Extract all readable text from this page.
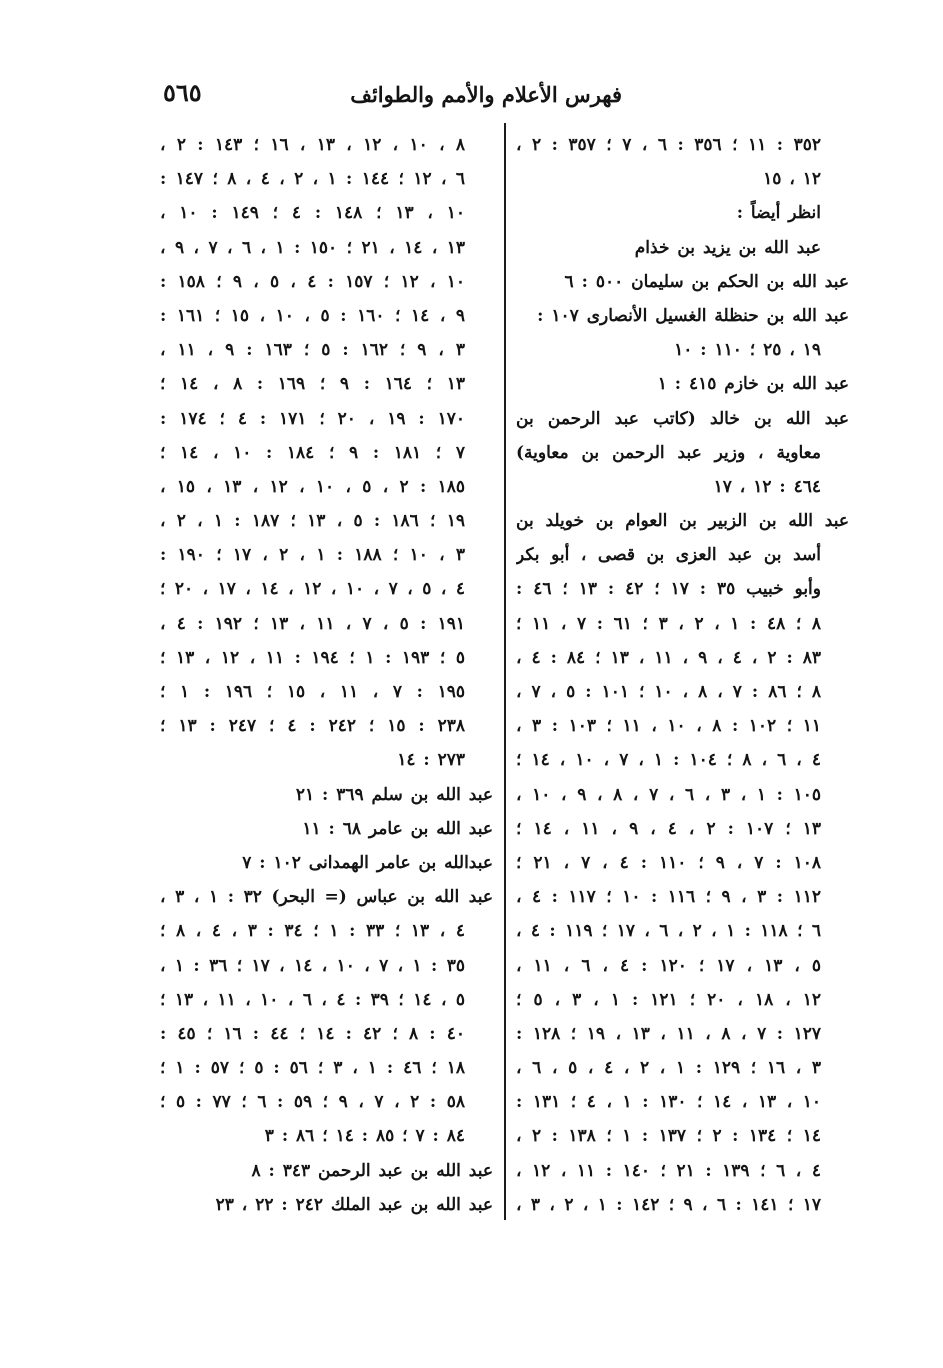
٥٦٥	فهرس الأعلام والأمم والطوائف
٣٥٢ : ١١ ؛ ٣٥٦ : ٦ ، ٧ ؛ ٣٥٧ : ٢ ،
١٢ ، ١٥
انظر أيضاً :
عبد الله بن يزيد بن خذام
عبد الله بن الحكم بن سليمان ٥٠٠ : ٦
عبد الله بن حنظلة الغسيل الأنصارى ١٠٧ :
١٩ ، ٢٥ ؛ ١١٠ : ١٠
عبد الله بن خازم ٤١٥ : ١
عبد الله بن خالد (كاتب عبد الرحمن بن
معاوية ، وزير عبد الرحمن بن معاوية)
٤٦٤ : ١٢ ، ١٧
عبد الله بن الزبير بن العوام بن خويلد بن
أسد بن عبد العزى بن قصى ، أبو بكر
وأبو خبيب ٣٥ : ١٧ ؛ ٤٢ : ١٣ ؛ ٤٦ :
٨ ؛ ٤٨ : ١ ، ٢ ، ٣ ؛ ٦١ : ٧ ، ١١ ؛
٨٣ : ٢ ، ٤ ، ٩ ، ١١ ، ١٣ ؛ ٨٤ : ٤ ،
٨ ؛ ٨٦ : ٧ ، ٨ ، ١٠ ؛ ١٠١ : ٥ ، ٧ ،
١١ ؛ ١٠٢ : ٨ ، ١٠ ، ١١ ؛ ١٠٣ : ٣ ،
٤ ، ٦ ، ٨ ؛ ١٠٤ : ١ ، ٧ ، ١٠ ، ١٤ ؛
١٠٥ : ١ ، ٣ ، ٦ ، ٧ ، ٨ ، ٩ ، ١٠ ،
١٣ ؛ ١٠٧ : ٢ ، ٤ ، ٩ ، ١١ ، ١٤ ؛
١٠٨ : ٧ ، ٩ ؛ ١١٠ : ٤ ، ٧ ، ٢١ ؛
١١٢ : ٣ ، ٩ ؛ ١١٦ : ١٠ ؛ ١١٧ : ٤ ،
٦ ؛ ١١٨ : ١ ، ٢ ، ٦ ، ١٧ ؛ ١١٩ : ٤ ،
٥ ، ١٣ ، ١٧ ؛ ١٢٠ : ٤ ، ٦ ، ١١ ،
١٢ ، ١٨ ، ٢٠ ؛ ١٢١ : ١ ، ٣ ، ٥ ؛
١٢٧ : ٧ ، ٨ ، ١١ ، ١٣ ، ١٩ ؛ ١٢٨ :
٣ ، ١٦ ؛ ١٢٩ : ١ ، ٢ ، ٤ ، ٥ ، ٦ ،
١٠ ، ١٣ ، ١٤ ؛ ١٣٠ : ١ ، ٤ ؛ ١٣١ :
١٤ ؛ ١٣٤ : ٢ ؛ ١٣٧ : ١ ؛ ١٣٨ : ٢ ،
٤ ، ٦ ؛ ١٣٩ : ٢١ ؛ ١٤٠ : ١١ ، ١٢ ،
١٧ ؛ ١٤١ : ٦ ، ٩ ؛ ١٤٢ : ١ ، ٢ ، ٣ ،
٨ ، ١٠ ، ١٢ ، ١٣ ، ١٦ ؛ ١٤٣ : ٢ ،
٦ ، ١٢ ؛ ١٤٤ : ١ ، ٢ ، ٤ ، ٨ ؛ ١٤٧ :
١٠ ، ١٣ ؛ ١٤٨ : ٤ ؛ ١٤٩ : ١٠ ،
١٣ ، ١٤ ، ٢١ ؛ ١٥٠ : ١ ، ٦ ، ٧ ، ٩ ،
١٠ ، ١٢ ؛ ١٥٧ : ٤ ، ٥ ، ٩ ؛ ١٥٨ :
٩ ، ١٤ ؛ ١٦٠ : ٥ ، ١٠ ، ١٥ ؛ ١٦١ :
٣ ، ٩ ؛ ١٦٢ : ٥ ؛ ١٦٣ : ٩ ، ١١ ،
١٣ ؛ ١٦٤ : ٩ ؛ ١٦٩ : ٨ ، ١٤ ؛
١٧٠ : ١٩ ، ٢٠ ؛ ١٧١ : ٤ ؛ ١٧٤ :
٧ ؛ ١٨١ : ٩ ؛ ١٨٤ : ١٠ ، ١٤ ؛
١٨٥ : ٢ ، ٥ ، ١٠ ، ١٢ ، ١٣ ، ١٥ ،
١٩ ؛ ١٨٦ : ٥ ، ١٣ ؛ ١٨٧ : ١ ، ٢ ،
٣ ، ١٠ ؛ ١٨٨ : ١ ، ٢ ، ١٧ ؛ ١٩٠ :
٤ ، ٥ ، ٧ ، ١٠ ، ١٢ ، ١٤ ، ١٧ ، ٢٠ ؛
١٩١ : ٥ ، ٧ ، ١١ ، ١٣ ؛ ١٩٢ : ٤ ،
٥ ؛ ١٩٣ : ١ ؛ ١٩٤ : ١١ ، ١٢ ، ١٣ ؛
١٩٥ : ٧ ، ١١ ، ١٥ ؛ ١٩٦ : ١ ؛
٢٣٨ : ١٥ ؛ ٢٤٢ : ٤ ؛ ٢٤٧ : ١٣ ؛
٢٧٣ : ١٤
عبد الله بن سلم ٣٦٩ : ٢١
عبد الله بن عامر ٦٨ : ١١
عبدالله بن عامر الهمدانى ١٠٢ : ٧
عبد الله بن عباس (= البحر) ٣٢ : ١ ، ٣ ،
٤ ، ١٣ ؛ ٣٣ : ١ ؛ ٣٤ : ٣ ، ٤ ، ٨ ؛
٣٥ : ١ ، ٧ ، ١٠ ، ١٤ ، ١٧ ؛ ٣٦ : ١ ،
٥ ، ١٤ ؛ ٣٩ : ٤ ، ٦ ، ١٠ ، ١١ ، ١٣ ؛
٤٠ : ٨ ؛ ٤٢ : ١٤ ؛ ٤٤ : ١٦ ؛ ٤٥ :
١٨ ؛ ٤٦ : ١ ، ٣ ؛ ٥٦ : ٥ ؛ ٥٧ : ١ ؛
٥٨ : ٢ ، ٧ ، ٩ ؛ ٥٩ : ٦ ؛ ٧٧ : ٥ ؛
٨٤ : ٧ ؛ ٨٥ : ١٤ ؛ ٨٦ : ٣
عبد الله بن عبد الرحمن ٣٤٣ : ٨
عبد الله بن عبد الملك ٢٤٢ : ٢٢ ، ٢٣
